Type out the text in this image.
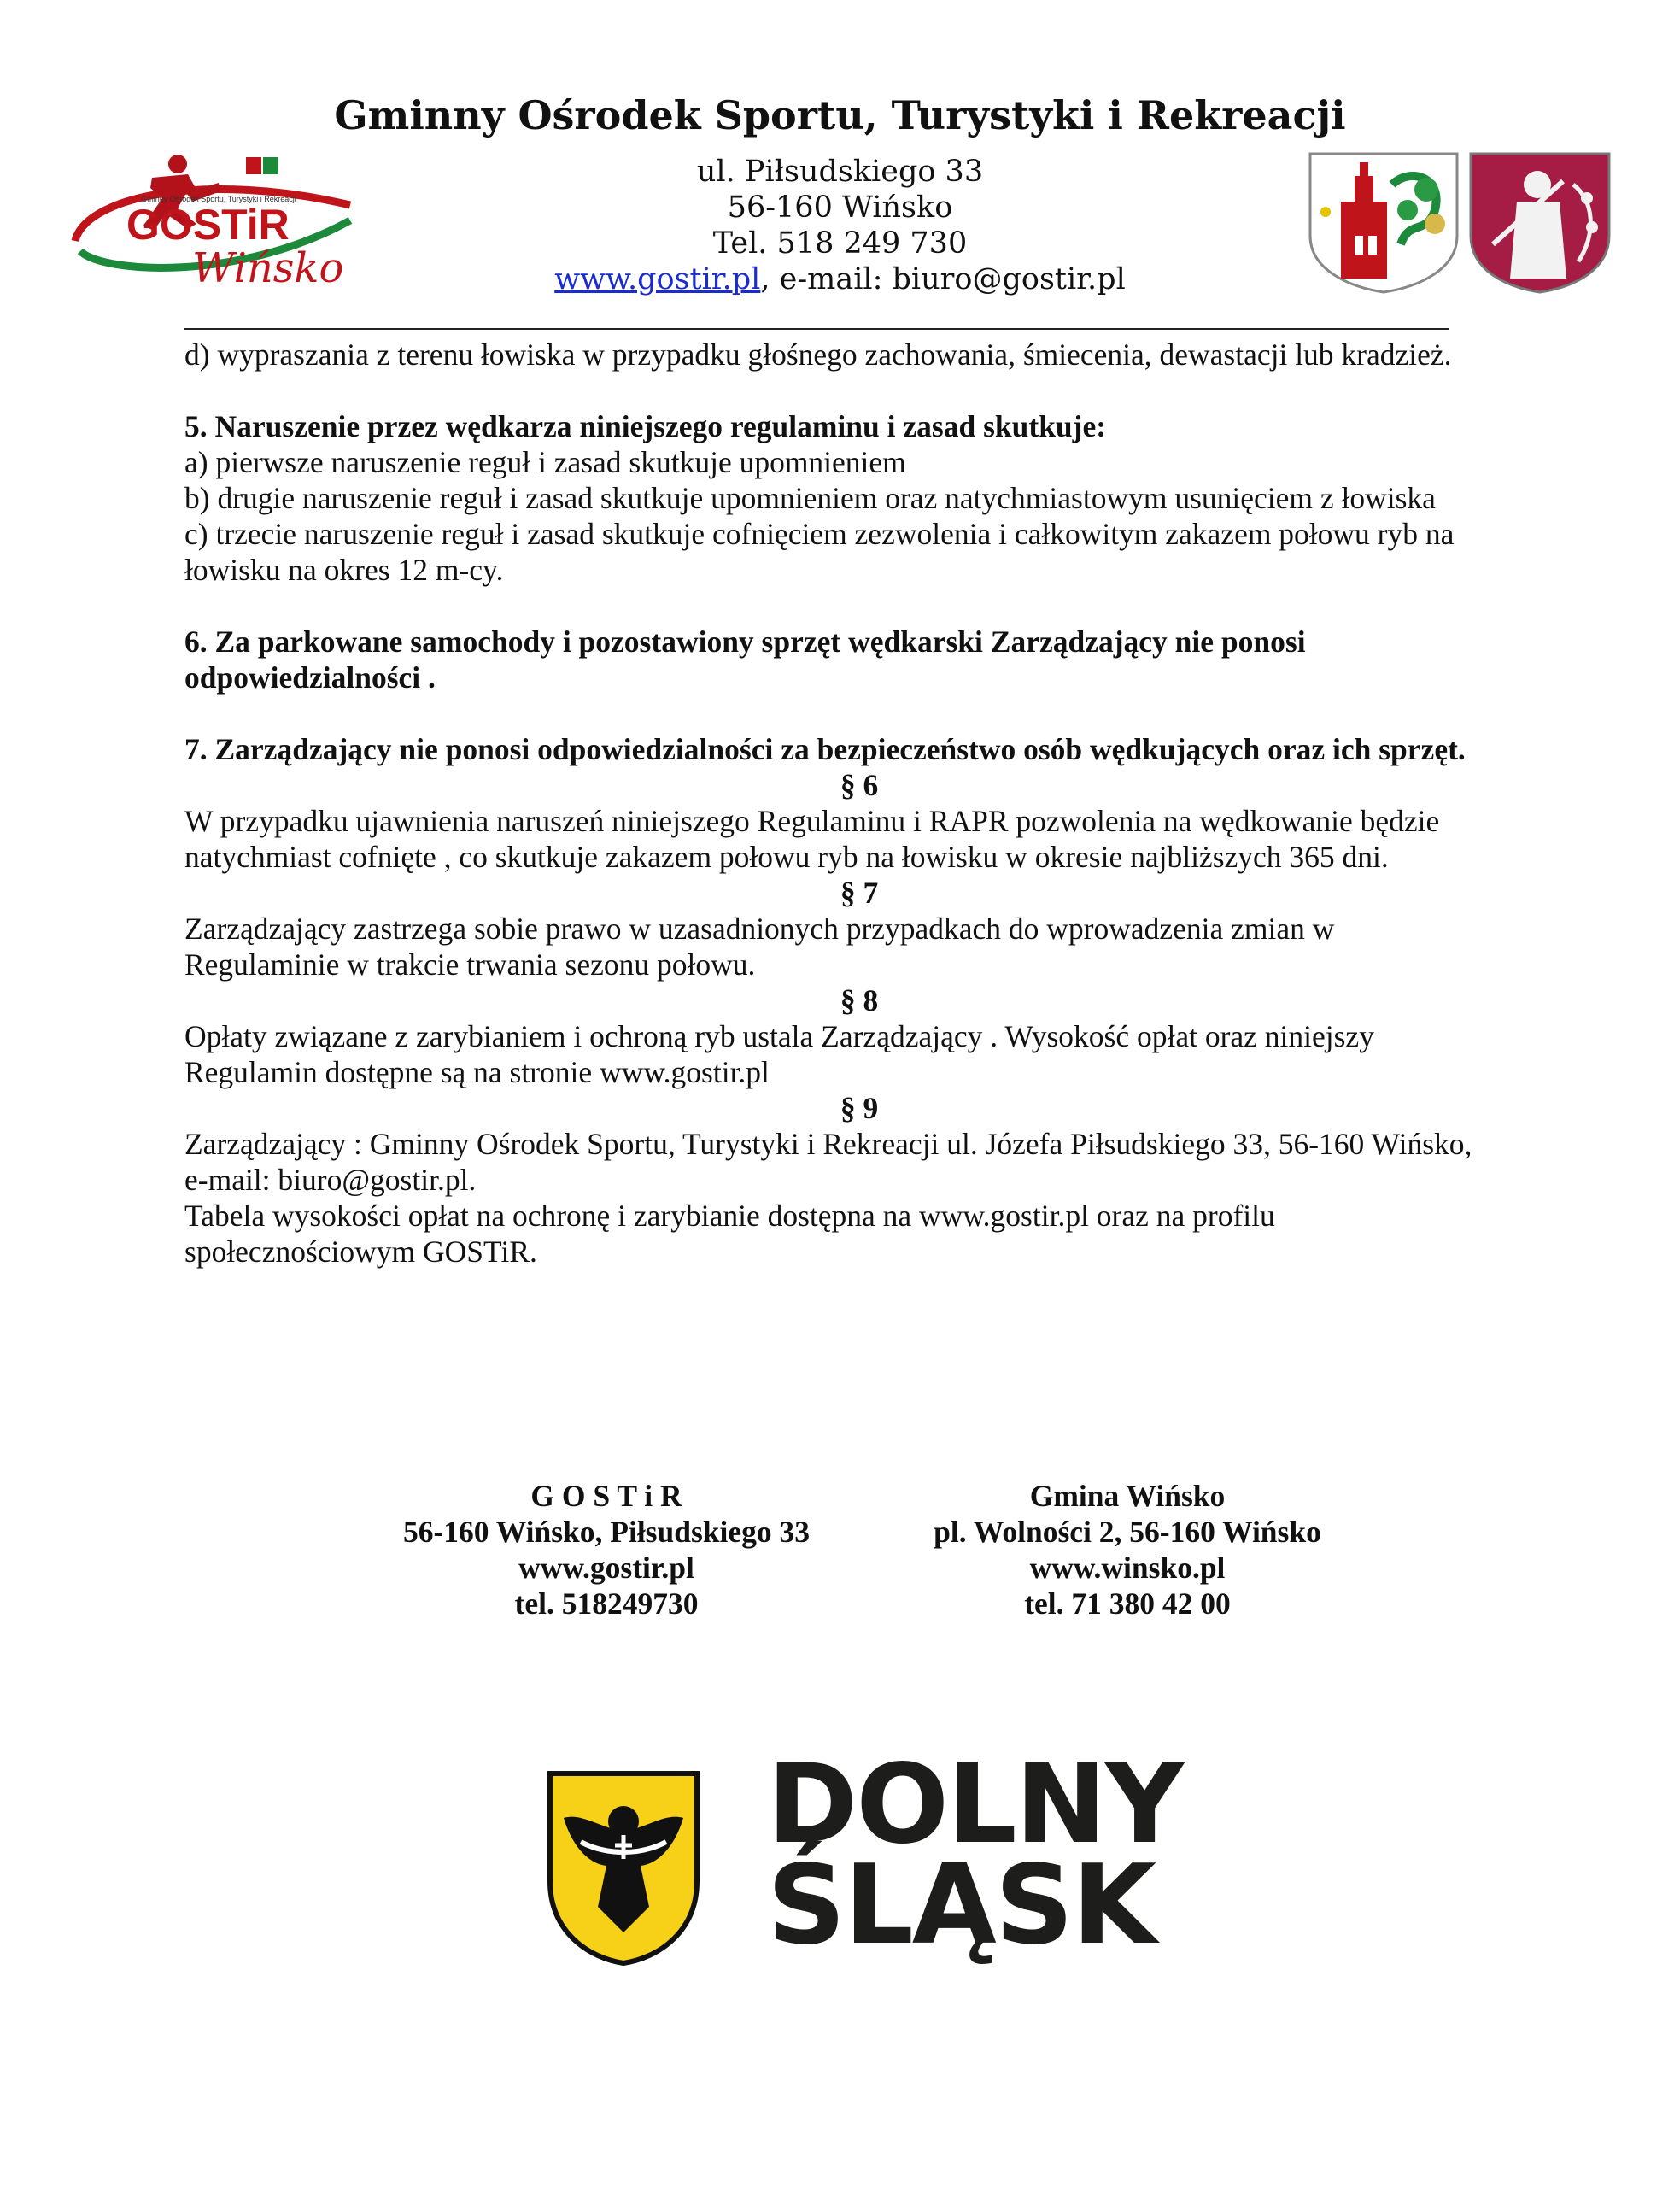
Gminny Ośrodek Sportu, Turystyki i Rekreacji
ul. Piłsudskiego 33
56-160 Wińsko
Tel. 518 249 730
www.gostir.pl, e-mail: biuro@gostir.pl
Gminny Ośrodek Sportu, Turystyki i Rekreacji
GOSTiR
Wińsko

d) wypraszania z terenu łowiska w przypadku głośnego zachowania, śmiecenia, dewastacji lub kradzież.

5. Naruszenie przez wędkarza niniejszego regulaminu i zasad skutkuje:

a) pierwsze naruszenie reguł i zasad skutkuje upomnieniem

b) drugie naruszenie reguł i zasad skutkuje upomnieniem oraz natychmiastowym usunięciem z łowiska

c) trzecie naruszenie reguł i zasad skutkuje cofnięciem zezwolenia i całkowitym zakazem połowu ryb na łowisku na okres 12 m-cy.

6. Za parkowane samochody i pozostawiony sprzęt wędkarski Zarządzający nie ponosi odpowiedzialności .

7. Zarządzający nie ponosi odpowiedzialności za bezpieczeństwo osób wędkujących oraz ich sprzęt.

§ 6

W przypadku ujawnienia naruszeń niniejszego Regulaminu i RAPR pozwolenia na wędkowanie będzie natychmiast cofnięte , co skutkuje zakazem połowu ryb na łowisku w okresie najbliższych 365 dni.

§ 7

Zarządzający zastrzega sobie prawo w uzasadnionych przypadkach do wprowadzenia zmian w Regulaminie w trakcie trwania sezonu połowu.

§ 8

Opłaty związane z zarybianiem i ochroną ryb ustala Zarządzający . Wysokość opłat oraz niniejszy Regulamin dostępne są na stronie www.gostir.pl

§ 9

Zarządzający : Gminny Ośrodek Sportu, Turystyki i Rekreacji ul. Józefa Piłsudskiego 33, 56-160 Wińsko, e-mail: biuro@gostir.pl.

Tabela wysokości opłat na ochronę i zarybianie dostępna na www.gostir.pl oraz na profilu społecznościowym GOSTiR.

G O S T i R
56-160 Wińsko, Piłsudskiego 33
www.gostir.pl
tel. 518249730
Gmina Wińsko
pl. Wolności 2, 56-160 Wińsko
www.winsko.pl
tel. 71 380 42 00
DOLNY
ŚLĄSK
